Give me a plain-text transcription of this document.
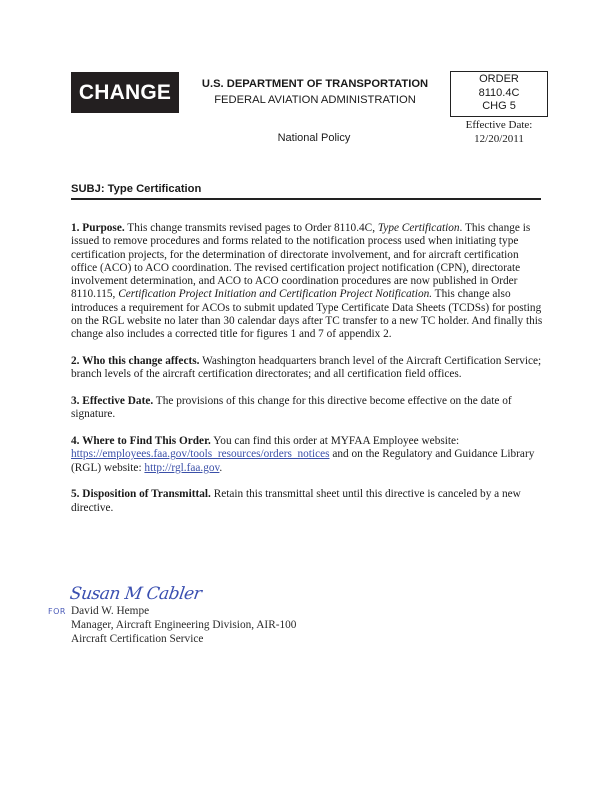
CHANGE	U.S. DEPARTMENT OF TRANSPORTATION
FEDERAL AVIATION ADMINISTRATION
ORDER
8110.4C
CHG 5
Effective Date:
12/20/2011
National Policy
SUBJ: Type Certification

1. Purpose. This change transmits revised pages to Order 8110.4C, Type Certification. This change is issued to remove procedures and forms related to the notification process used when initiating type certification projects, for the determination of directorate involvement, and for aircraft certification office (ACO) to ACO coordination. The revised certification project notification (CPN), directorate involvement determination, and ACO to ACO coordination procedures are now published in Order 8110.115, Certification Project Initiation and Certification Project Notification. This change also introduces a requirement for ACOs to submit updated Type Certificate Data Sheets (TCDSs) for posting on the RGL website no later than 30 calendar days after TC transfer to a new TC holder. And finally this change also includes a corrected title for figures 1 and 7 of appendix 2.

2. Who this change affects. Washington headquarters branch level of the Aircraft Certification Service; branch levels of the aircraft certification directorates; and all certification field offices.

3. Effective Date. The provisions of this change for this directive become effective on the date of signature.

4. Where to Find This Order. You can find this order at MYFAA Employee website: https://employees.faa.gov/tools_resources/orders_notices and on the Regulatory and Guidance Library (RGL) website: http://rgl.faa.gov.

5. Disposition of Transmittal. Retain this transmittal sheet until this directive is canceled by a new directive.

Susan M Cabler
FOR David W. Hempe
Manager, Aircraft Engineering Division, AIR-100
Aircraft Certification Service
